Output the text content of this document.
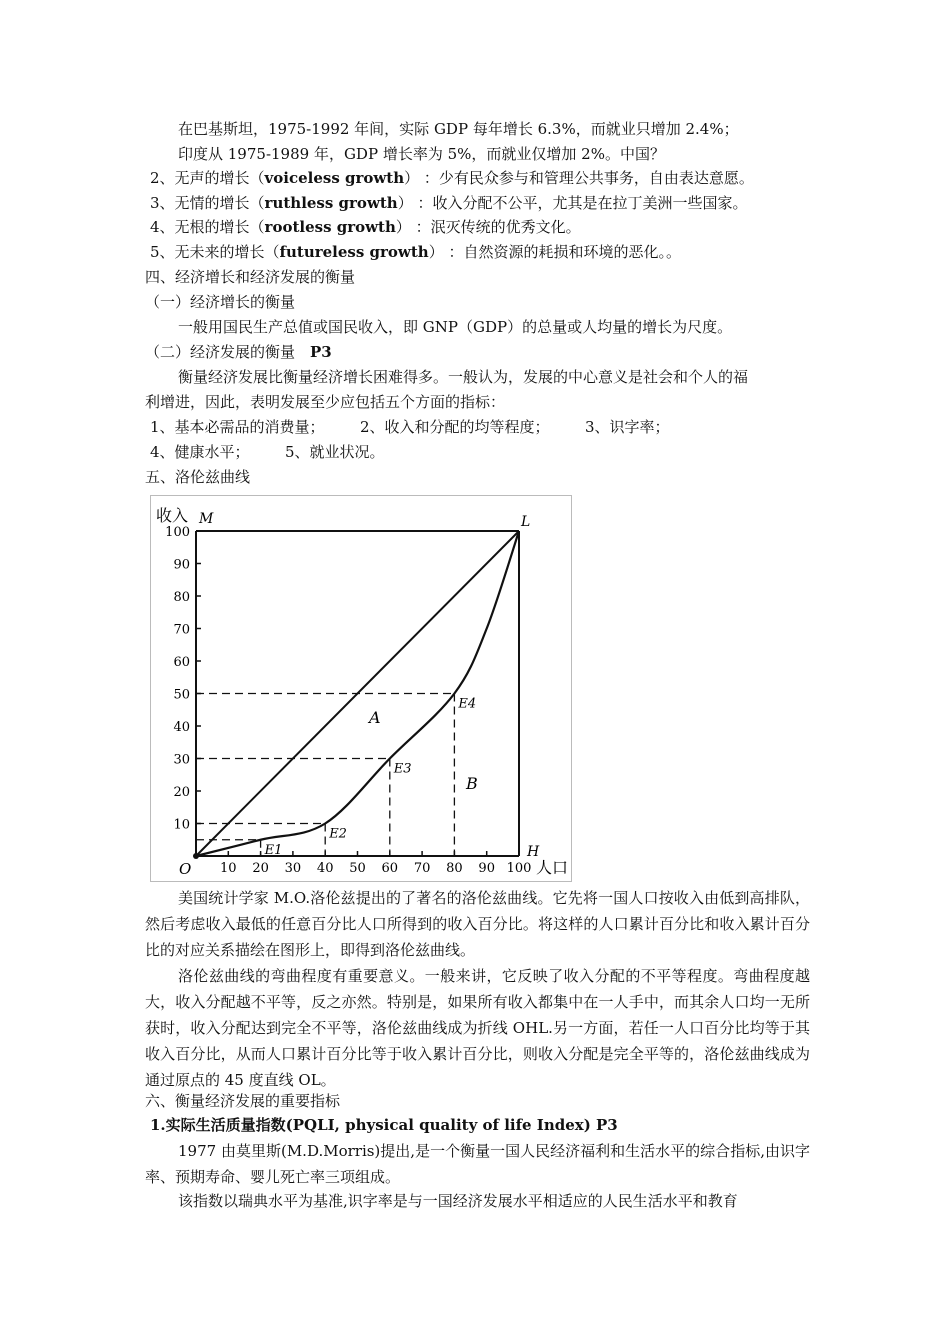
在巴基斯坦，1975-1992 年间，实际 GDP 每年增长 6.3%，而就业只增加 2.4%；
印度从 1975-1989 年，GDP 增长率为 5%，而就业仅增加 2%。中国？
2、无声的增长（voiceless growth） ：少有民众参与和管理公共事务，自由表达意愿。
3、无情的增长（ruthless growth） ：收入分配不公平，尤其是在拉丁美洲一些国家。
4、无根的增长（rootless growth） ：泯灭传统的优秀文化。
5、无未来的增长（futureless growth） ：自然资源的耗损和环境的恶化。。
四、经济增长和经济发展的衡量
（一）经济增长的衡量
一般用国民生产总值或国民收入，即 GNP（GDP）的总量或人均量的增长为尺度。
（二）经济发展的衡量　P3
衡量经济发展比衡量经济增长困难得多。一般认为，发展的中心意义是社会和个人的福
利增进，因此，表明发展至少应包括五个方面的指标：
1、基本必需品的消费量； 2、收入和分配的均等程度； 3、识字率；
4、健康水平； 5、就业状况。
五、洛伦兹曲线
收入
人口
M	L
H
O
A
B
10
20
30
40
50
60
70
80
90
100
10 20 30 40 50 60 70 80 90 100
E1
E2
E3
E4
美国统计学家 M.O.洛伦兹提出的了著名的洛伦兹曲线。它先将一国人口按收入由低到高排队，然后考虑收入最低的任意百分比人口所得到的收入百分比。将这样的人口累计百分比和收入累计百分比的对应关系描绘在图形上，即得到洛伦兹曲线。
洛伦兹曲线的弯曲程度有重要意义。一般来讲，它反映了收入分配的不平等程度。弯曲程度越大，收入分配越不平等，反之亦然。特别是，如果所有收入都集中在一人手中，而其余人口均一无所获时，收入分配达到完全不平等，洛伦兹曲线成为折线 OHL.另一方面，若任一人口百分比均等于其收入百分比，从而人口累计百分比等于收入累计百分比，则收入分配是完全平等的，洛伦兹曲线成为通过原点的 45 度直线 OL。
六、衡量经济发展的重要指标
1.实际生活质量指数(PQLI, physical quality of life Index) P3
1977 由莫里斯(M.D.Morris)提出,是一个衡量一国人民经济福利和生活水平的综合指标,由识字率、预期寿命、婴儿死亡率三项组成。
该指数以瑞典水平为基准,识字率是与一国经济发展水平相适应的人民生活水平和教育
